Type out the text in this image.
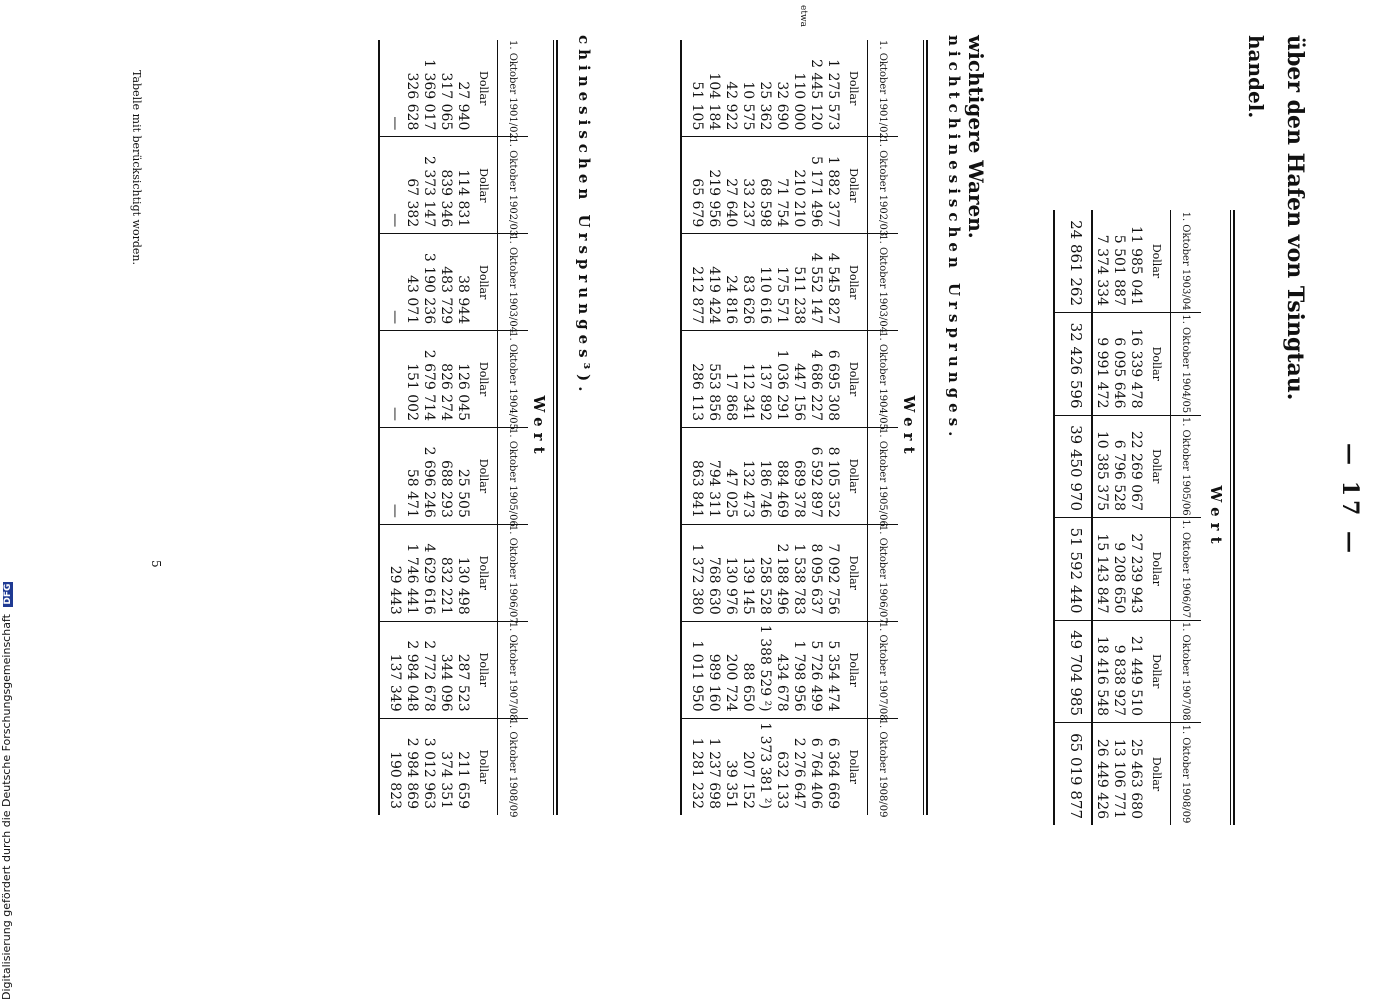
— 17 —
über den Hafen von Tsingtau.
handel.
Wert
1. Oktober 1903/04	1. Oktober 1904/05	1. Oktober 1905/06	1. Oktober 1906/07	1. Oktober 1907/08	1. Oktober 1908/09
Dollar	Dollar	Dollar	Dollar	Dollar	Dollar
11 985 041	16 339 478	22 269 067	27 239 943	21 449 510	25 463 680
5 501 887	6 095 646	6 796 528	9 208 650	9 838 927	13 106 771
7 374 334	9 991 472	10 385 375	15 143 847	18 416 548	26 449 426
24 861 262	32 426 596	39 450 970	51 592 440	49 704 985	65 019 877

wichtigere Waren.
nichtchinesischen Ursprunges.
Wert
etwa
1. Oktober 1901/02	1. Oktober 1902/03	1. Oktober 1903/04	1. Oktober 1904/05	1. Oktober 1905/06	1. Oktober 1906/07	1. Oktober 1907/08	1. Oktober 1908/09
Dollar	Dollar	Dollar	Dollar	Dollar	Dollar	Dollar	Dollar
1 275 573	1 882 377	4 545 827	6 695 308	8 105 352	7 092 756	5 354 474	6 364 669
2 445 120	5 171 496	4 552 147	4 686 227	6 592 897	8 095 637	5 726 499	6 764 406
110 000	210 210	511 238	447 156	689 378	1 538 783	1 798 956	2 276 647
32 690	71 754	175 571	1 036 291	884 469	2 188 496	434 678	632 133
25 362	68 598	110 616	137 892	186 746	258 528	1 388 529 ²)	1 373 381 ²)
10 575	33 237	83 626	112 341	132 473	139 145	88 650	207 152
42 922	27 640	24 816	17 868	47 025	130 976	200 724	39 351
104 184	219 956	419 424	553 856	794 311	768 630	989 160	1 237 698
51 105	65 679	212 877	286 113	863 841	1 372 380	1 011 950	1 281 232

chinesischen Ursprunges³).
Wert
1. Oktober 1901/02	1. Oktober 1902/03	1. Oktober 1903/04	1. Oktober 1904/05	1. Oktober 1905/06	1. Oktober 1906/07	1. Oktober 1907/08	1. Oktober 1908/09
Dollar	Dollar	Dollar	Dollar	Dollar	Dollar	Dollar	Dollar
27 940	114 831	38 944	126 045	25 505	130 498	287 523	211 659
317 065	839 346	483 729	826 274	688 293	832 221	344 096	374 351
1 369 017	2 373 147	3 190 236	2 679 714	2 696 246	4 629 616	2 772 678	3 012 963
326 628	67 382	43 071	151 002	58 471	1 746 441	2 984 048	2 984 869
—	—	—	—	—	29 443	137 349	190 823

Tabelle mit berücksichtigt worden.
5
Digitalisierung gefördert durch die Deutsche Forschungsgemeinschaft DFG
